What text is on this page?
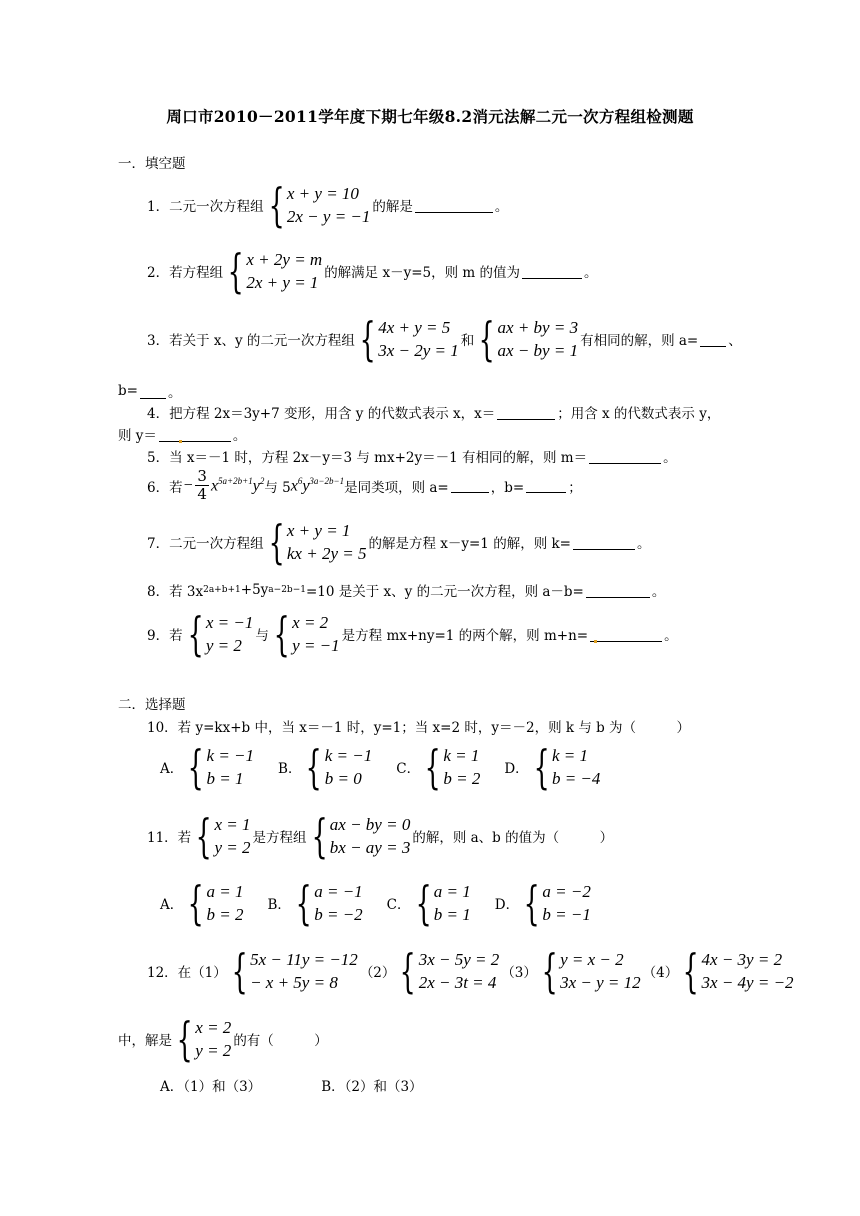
周口市2010－2011学年度下期七年级8.2消元法解二元一次方程组检测题
一．填空题
1．二元一次方程组 { x + y = 10
2x − y = −1 的解是	。
2．若方程组 { x + 2y = m
2x + y = 1 的解满足 x－y=5，则 m 的值为	。
3．若关于 x、y 的二元一次方程组 { 4x + y = 5
3x − 2y = 1 和 { ax + by = 3
ax − by = 1 有相同的解，则 a= 、
b= 。
4．把方程 2x＝3y+7 变形，用含 y 的代数式表示 x，x＝	；用含 x 的代数式表示 y，
则 y＝	。
5．当 x＝－1 时，方程 2x－y＝3 与 mx+2y＝－1 有相同的解，则 m＝	。
6．若 − $\frac{3}{4} x^{5a+2b+1}y^2$ 与 5 $x^6y^{3a-2b-1}$ 是同类项，则 a=	，b=	；
7．二元一次方程组 { x + y = 1
kx + 2y = 5 的解是方程 x－y=1 的解，则 k=	。
8．若 3x 2a+b+1 +5y a−2b−1 =10 是关于 x、y 的二元一次方程，则 a－b=	。
9．若 { x = −1
y = 2 与 { x = 2
y = −1 是方程 mx+ny=1 的两个解，则 m+n=	。
二．选择题
10．若 y=kx+b 中，当 x＝－1 时，y=1；当 x=2 时，y＝－2，则 k 与 b 为（　　　）
A． { k = −1
b = 1	B． { k = −1
b = 0	C． { k = 1
b = 2 D． { k = 1
b = −4
11．若 { x = 1
y = 2 是方程组 { ax − by = 0
bx − ay = 3 的解，则 a、b 的值为（　　　）
A． { a = 1
b = 2 B． { a = −1
b = −2 C． { a = 1
b = 1 D． { a = −2
b = −1
12．在（1） { 5x − 11y = −12
− x + 5y = 8	（2） { 3x − 5y = 2
2x − 3t = 4 （3） { y = x − 2
3x − y = 12 （4） { 4x − 3y = 2
3x − 4y = −2
中，解是 { x = 2
y = 2 的有（　　　）
A．（1）和（3）	B．（2）和（3）
